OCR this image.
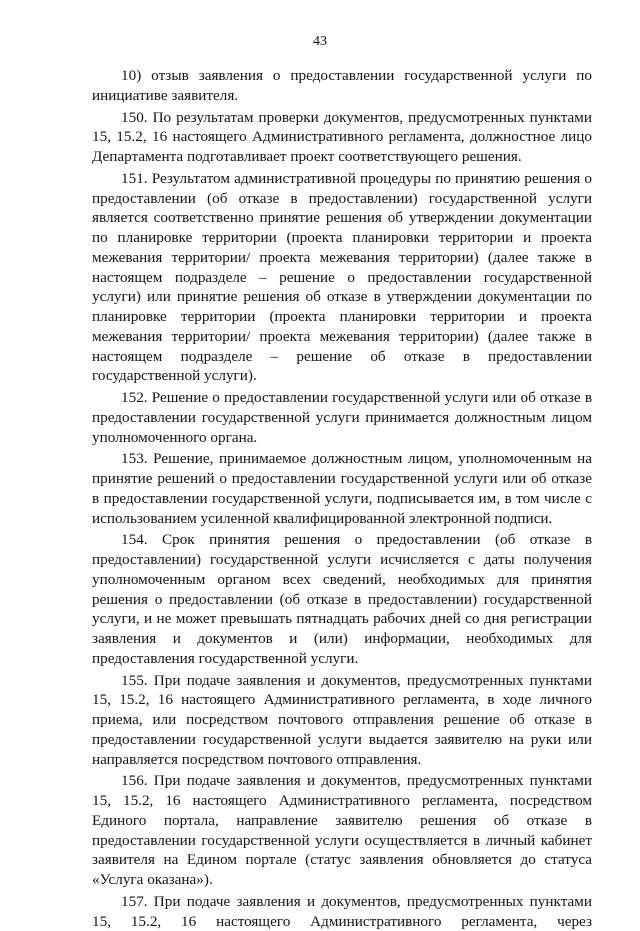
43

10) отзыв заявления о предоставлении государственной услуги по инициативе заявителя.

150. По результатам проверки документов, предусмотренных пунктами 15, 15.2, 16 настоящего Административного регламента, должностное лицо Департамента подготавливает проект соответствующего решения.

151. Результатом административной процедуры по принятию решения о предоставлении (об отказе в предоставлении) государственной услуги является соответственно принятие решения об утверждении документации по планировке территории (проекта планировки территории и проекта межевания территории/ проекта межевания территории) (далее также в настоящем подразделе – решение о предоставлении государственной услуги) или принятие решения об отказе в утверждении документации по планировке территории (проекта планировки территории и проекта межевания территории/ проекта межевания территории) (далее также в настоящем подразделе – решение об отказе в предоставлении государственной услуги).

152. Решение о предоставлении государственной услуги или об отказе в предоставлении государственной услуги принимается должностным лицом уполномоченного органа.

153. Решение, принимаемое должностным лицом, уполномоченным на принятие решений о предоставлении государственной услуги или об отказе в предоставлении государственной услуги, подписывается им, в том числе с использованием усиленной квалифицированной электронной подписи.

154. Срок принятия решения о предоставлении (об отказе в предоставлении) государственной услуги исчисляется с даты получения уполномоченным органом всех сведений, необходимых для принятия решения о предоставлении (об отказе в предоставлении) государственной услуги, и не может превышать пятнадцать рабочих дней со дня регистрации заявления и документов и (или) информации, необходимых для предоставления государственной услуги.

155. При подаче заявления и документов, предусмотренных пунктами 15, 15.2, 16 настоящего Административного регламента, в ходе личного приема, или посредством почтового отправления решение об отказе в предоставлении государственной услуги выдается заявителю на руки или направляется посредством почтового отправления.

156. При подаче заявления и документов, предусмотренных пунктами 15, 15.2, 16 настоящего Административного регламента, посредством Единого портала, направление заявителю решения об отказе в предоставлении государственной услуги осуществляется в личный кабинет заявителя на Едином портале (статус заявления обновляется до статуса «Услуга оказана»).

157. При подаче заявления и документов, предусмотренных пунктами 15, 15.2, 16 настоящего Административного регламента, через
